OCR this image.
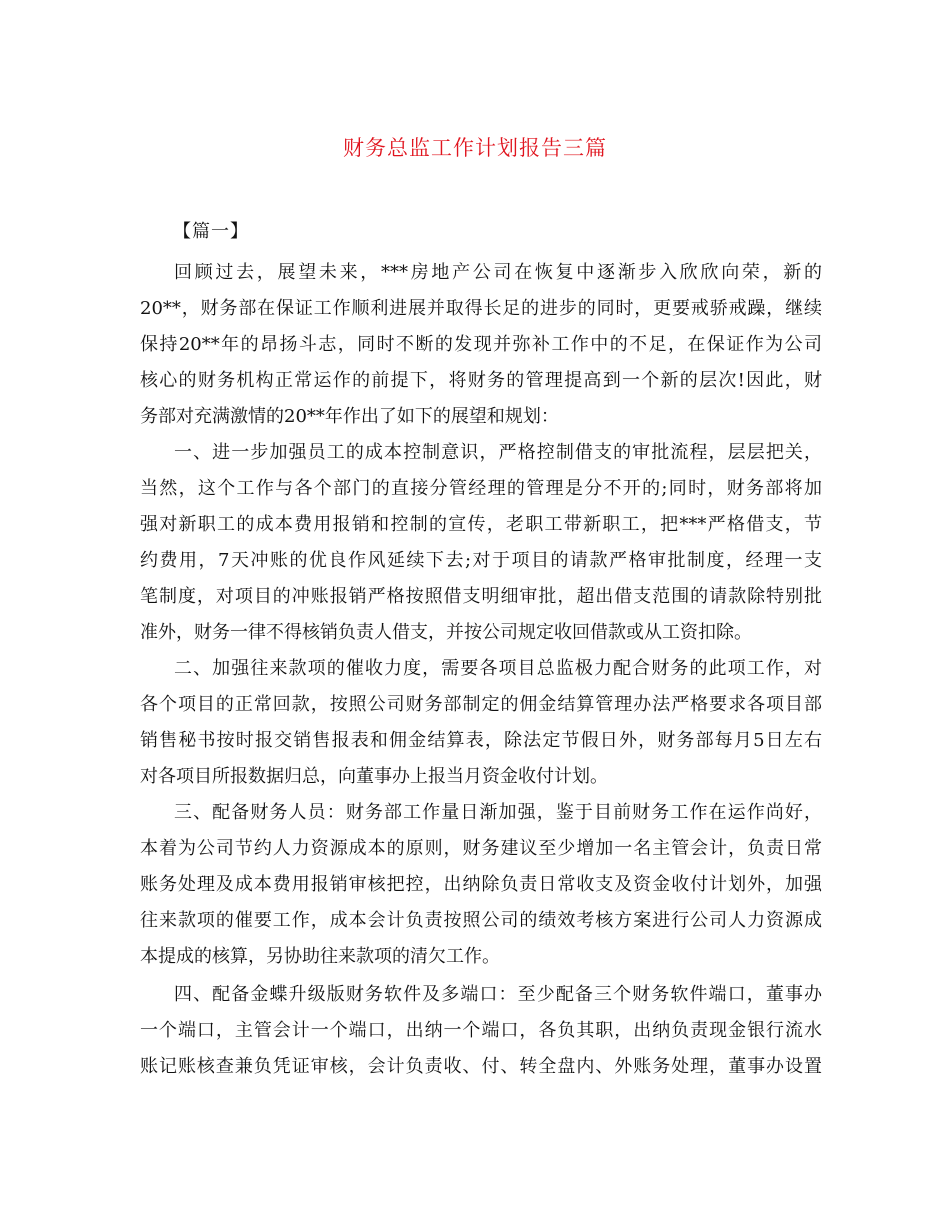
财务总监工作计划报告三篇
【篇一】
回顾过去，展望未来，***房地产公司在恢复中逐渐步入欣欣向荣，新的
20**，财务部在保证工作顺利进展并取得长足的进步的同时，更要戒骄戒躁，继续
保持20**年的昂扬斗志，同时不断的发现并弥补工作中的不足，在保证作为公司
核心的财务机构正常运作的前提下，将财务的管理提高到一个新的层次!因此，财
务部对充满激情的20**年作出了如下的展望和规划：
一、进一步加强员工的成本控制意识，严格控制借支的审批流程，层层把关，
当然，这个工作与各个部门的直接分管经理的管理是分不开的;同时，财务部将加
强对新职工的成本费用报销和控制的宣传，老职工带新职工，把***严格借支，节
约费用，7天冲账的优良作风延续下去;对于项目的请款严格审批制度，经理一支
笔制度，对项目的冲账报销严格按照借支明细审批，超出借支范围的请款除特别批
准外，财务一律不得核销负责人借支，并按公司规定收回借款或从工资扣除。
二、加强往来款项的催收力度，需要各项目总监极力配合财务的此项工作，对
各个项目的正常回款，按照公司财务部制定的佣金结算管理办法严格要求各项目部
销售秘书按时报交销售报表和佣金结算表，除法定节假日外，财务部每月5日左右
对各项目所报数据归总，向董事办上报当月资金收付计划。
三、配备财务人员：财务部工作量日渐加强，鉴于目前财务工作在运作尚好，
本着为公司节约人力资源成本的原则，财务建议至少增加一名主管会计，负责日常
账务处理及成本费用报销审核把控，出纳除负责日常收支及资金收付计划外，加强
往来款项的催要工作，成本会计负责按照公司的绩效考核方案进行公司人力资源成
本提成的核算，另协助往来款项的清欠工作。
四、配备金蝶升级版财务软件及多端口：至少配备三个财务软件端口，董事办
一个端口，主管会计一个端口，出纳一个端口，各负其职，出纳负责现金银行流水
账记账核查兼负凭证审核，会计负责收、付、转全盘内、外账务处理，董事办设置
